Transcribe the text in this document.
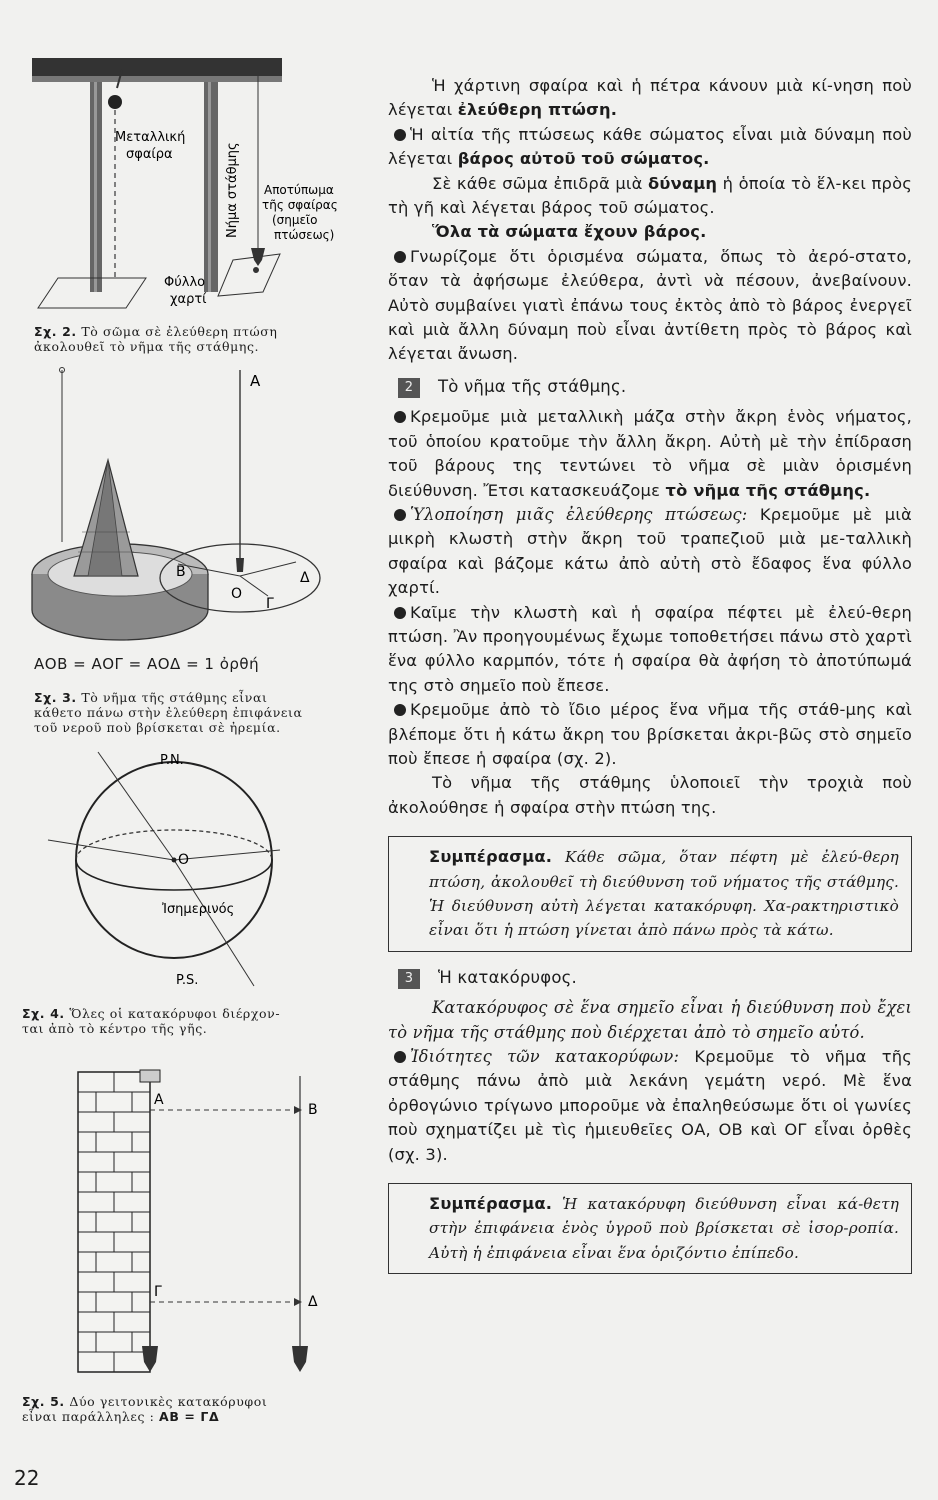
Μεταλλική
σφαίρα	Νήμα στάθμης Αποτύπωμα
τῆς σφαίρας
(σημεῖο
πτώσεως)
Φύλλο
χαρτί
Σχ. 2. Τὸ σῶμα σὲ ἐλεύθερη πτώση
ἀκολουθεῖ τὸ νῆμα τῆς στάθμης.
Α
Β	Δ
Ο
Γ
ΑΟΒ = ΑΟΓ = ΑΟΔ = 1 ὀρθή
Σχ. 3. Τὸ νῆμα τῆς στάθμης εἶναι
κάθετο πάνω στὴν ἐλεύθερη ἐπιφάνεια
τοῦ νεροῦ ποὺ βρίσκεται σὲ ἠρεμία.
P.N.
Ο
Ἰσημερινός
P.S.
Σχ. 4. Ὅλες οἱ κατακόρυφοι διέρχον-
ται ἀπὸ τὸ κέντρο τῆς γῆς.
Α
Β
Γ
Δ
Σχ. 5. Δύο γειτονικὲς κατακόρυφοι
εἶναι παράλληλες : ΑΒ = ΓΔ
22

Ἡ χάρτινη σφαίρα καὶ ἡ πέτρα κάνουν μιὰ κί-νηση ποὺ λέγεται ἐλεύθερη πτώση.

Ἡ αἰτία τῆς πτώσεως κάθε σώματος εἶναι μιὰ δύναμη ποὺ λέγεται βάρος αὐτοῦ τοῦ σώματος.

Σὲ κάθε σῶμα ἐπιδρᾶ μιὰ δύναμη ἡ ὁποία τὸ ἕλ-κει πρὸς τὴ γῆ καὶ λέγεται βάρος τοῦ σώματος.

Ὅλα τὰ σώματα ἔχουν βάρος.

Γνωρίζομε ὅτι ὁρισμένα σώματα, ὅπως τὸ ἀερό-στατο, ὅταν τὰ ἀφήσωμε ἐλεύθερα, ἀντὶ νὰ πέσουν, ἀνεβαίνουν. Αὐτὸ συμβαίνει γιατὶ ἐπάνω τους ἐκτὸς ἀπὸ τὸ βάρος ἐνεργεῖ καὶ μιὰ ἄλλη δύναμη ποὺ εἶναι ἀντίθετη πρὸς τὸ βάρος καὶ λέγεται ἄνωση.

2 Τὸ νῆμα τῆς στάθμης.

Κρεμοῦμε μιὰ μεταλλικὴ μάζα στὴν ἄκρη ἑνὸς νήματος, τοῦ ὁποίου κρατοῦμε τὴν ἄλλη ἄκρη. Αὐτὴ μὲ τὴν ἐπίδραση τοῦ βάρους της τεντώνει τὸ νῆμα σὲ μιὰν ὁρισμένη διεύθυνση. Ἔτσι κατασκευάζομε τὸ νῆμα τῆς στάθμης.

Ὑλοποίηση μιᾶς ἐλεύθερης πτώσεως: Κρεμοῦμε μὲ μιὰ μικρὴ κλωστὴ στὴν ἄκρη τοῦ τραπεζιοῦ μιὰ με-ταλλικὴ σφαίρα καὶ βάζομε κάτω ἀπὸ αὐτὴ στὸ ἔδαφος ἕνα φύλλο χαρτί.

Καῖμε τὴν κλωστὴ καὶ ἡ σφαίρα πέφτει μὲ ἐλεύ-θερη πτώση. Ἂν προηγουμένως ἔχωμε τοποθετήσει πάνω στὸ χαρτὶ ἕνα φύλλο καρμπόν, τότε ἡ σφαίρα θὰ ἀφήση τὸ ἀποτύπωμά της στὸ σημεῖο ποὺ ἔπεσε.

Κρεμοῦμε ἀπὸ τὸ ἴδιο μέρος ἕνα νῆμα τῆς στάθ-μης καὶ βλέπομε ὅτι ἡ κάτω ἄκρη του βρίσκεται ἀκρι-βῶς στὸ σημεῖο ποὺ ἔπεσε ἡ σφαίρα (σχ. 2).

Τὸ νῆμα τῆς στάθμης ὑλοποιεῖ τὴν τροχιὰ ποὺ ἀκολούθησε ἡ σφαίρα στὴν πτώση της.

Συμπέρασμα. Κάθε σῶμα, ὅταν πέφτη μὲ ἐλεύ-θερη πτώση, ἀκολουθεῖ τὴ διεύθυνση τοῦ νήματος τῆς στάθμης. Ἡ διεύθυνση αὐτὴ λέγεται κατακόρυφη. Χα-ρακτηριστικὸ εἶναι ὅτι ἡ πτώση γίνεται ἀπὸ πάνω πρὸς τὰ κάτω.

3 Ἡ κατακόρυφος.

Κατακόρυφος σὲ ἕνα σημεῖο εἶναι ἡ διεύθυνση ποὺ ἔχει τὸ νῆμα τῆς στάθμης ποὺ διέρχεται ἀπὸ τὸ σημεῖο αὐτό.

Ἰδιότητες τῶν κατακορύφων: Κρεμοῦμε τὸ νῆμα τῆς στάθμης πάνω ἀπὸ μιὰ λεκάνη γεμάτη νερό. Μὲ ἕνα ὀρθογώνιο τρίγωνο μποροῦμε νὰ ἐπαληθεύσωμε ὅτι οἱ γωνίες ποὺ σχηματίζει μὲ τὶς ἡμιευθεῖες ΟΑ, ΟΒ καὶ ΟΓ εἶναι ὀρθὲς (σχ. 3).

Συμπέρασμα. Ἡ κατακόρυφη διεύθυνση εἶναι κά-θετη στὴν ἐπιφάνεια ἑνὸς ὑγροῦ ποὺ βρίσκεται σὲ ἰσορ-ροπία. Αὐτὴ ἡ ἐπιφάνεια εἶναι ἕνα ὁριζόντιο ἐπίπεδο.
